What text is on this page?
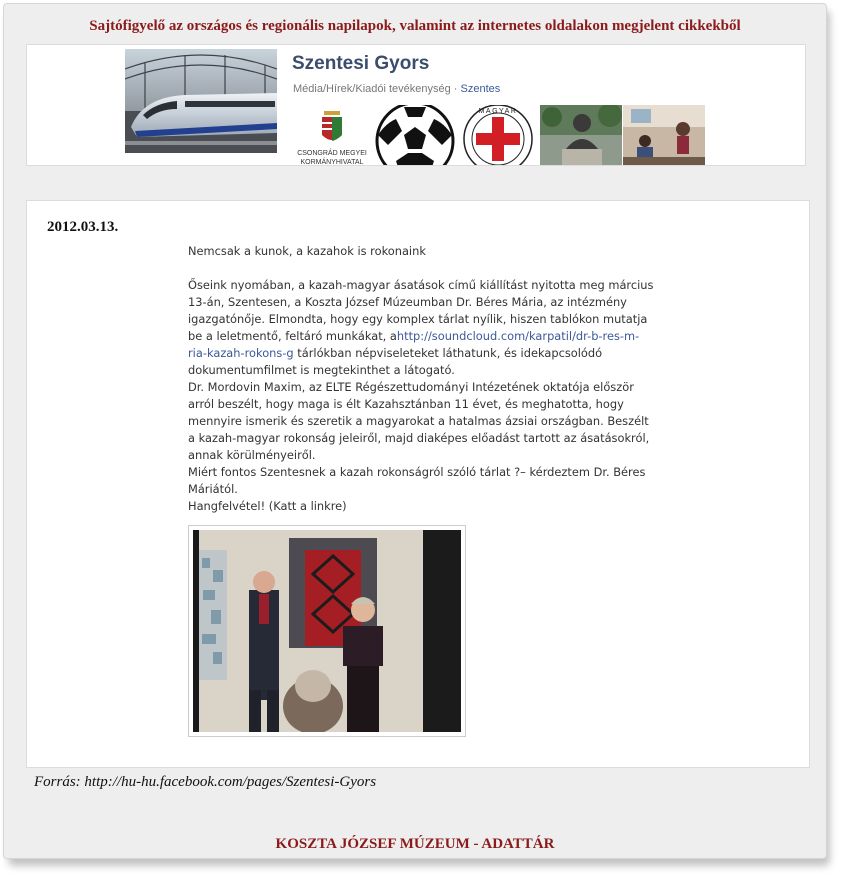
Sajtófigyelő az országos és regionális napilapok, valamint az internetes oldalakon megjelent cikkekből
Szentesi Gyors
Média/Hírek/Kiadói tevékenység · Szentes
CSONGRÁD MEGYEI
KORMÁNYHIVATAL
MAGYAR
2012.03.13.

Nemcsak a kunok, a kazahok is rokonaink

Őseink nyomában, a kazah-magyar ásatások című kiállítást nyitotta meg március 13-án, Szentesen, a Koszta József Múzeumban Dr. Béres Mária, az intézmény igazgatónője. Elmondta, hogy egy komplex tárlat nyílik, hiszen tablókon mutatja be a leletmentő, feltáró munkákat, ahttp://soundcloud.com/karpatil/dr-b-res-m-ria-kazah-rokons-g tárlókban népviseleteket láthatunk, és idekapcsolódó dokumentumfilmet is megtekinthet a látogató.

Dr. Mordovin Maxim, az ELTE Régészettudományi Intézetének oktatója először arról beszélt, hogy maga is élt Kazahsztánban 11 évet, és meghatotta, hogy mennyire ismerik és szeretik a magyarokat a hatalmas ázsiai országban. Beszélt a kazah-magyar rokonság jeleiről, majd diaképes előadást tartott az ásatásokról, annak körülményeiről.

Miért fontos Szentesnek a kazah rokonságról szóló tárlat ?– kérdeztem Dr. Béres Máriától.

Hangfelvétel! (Katt a linkre)

Forrás: http://hu-hu.facebook.com/pages/Szentesi-Gyors
KOSZTA JÓZSEF MÚZEUM - ADATTÁR
